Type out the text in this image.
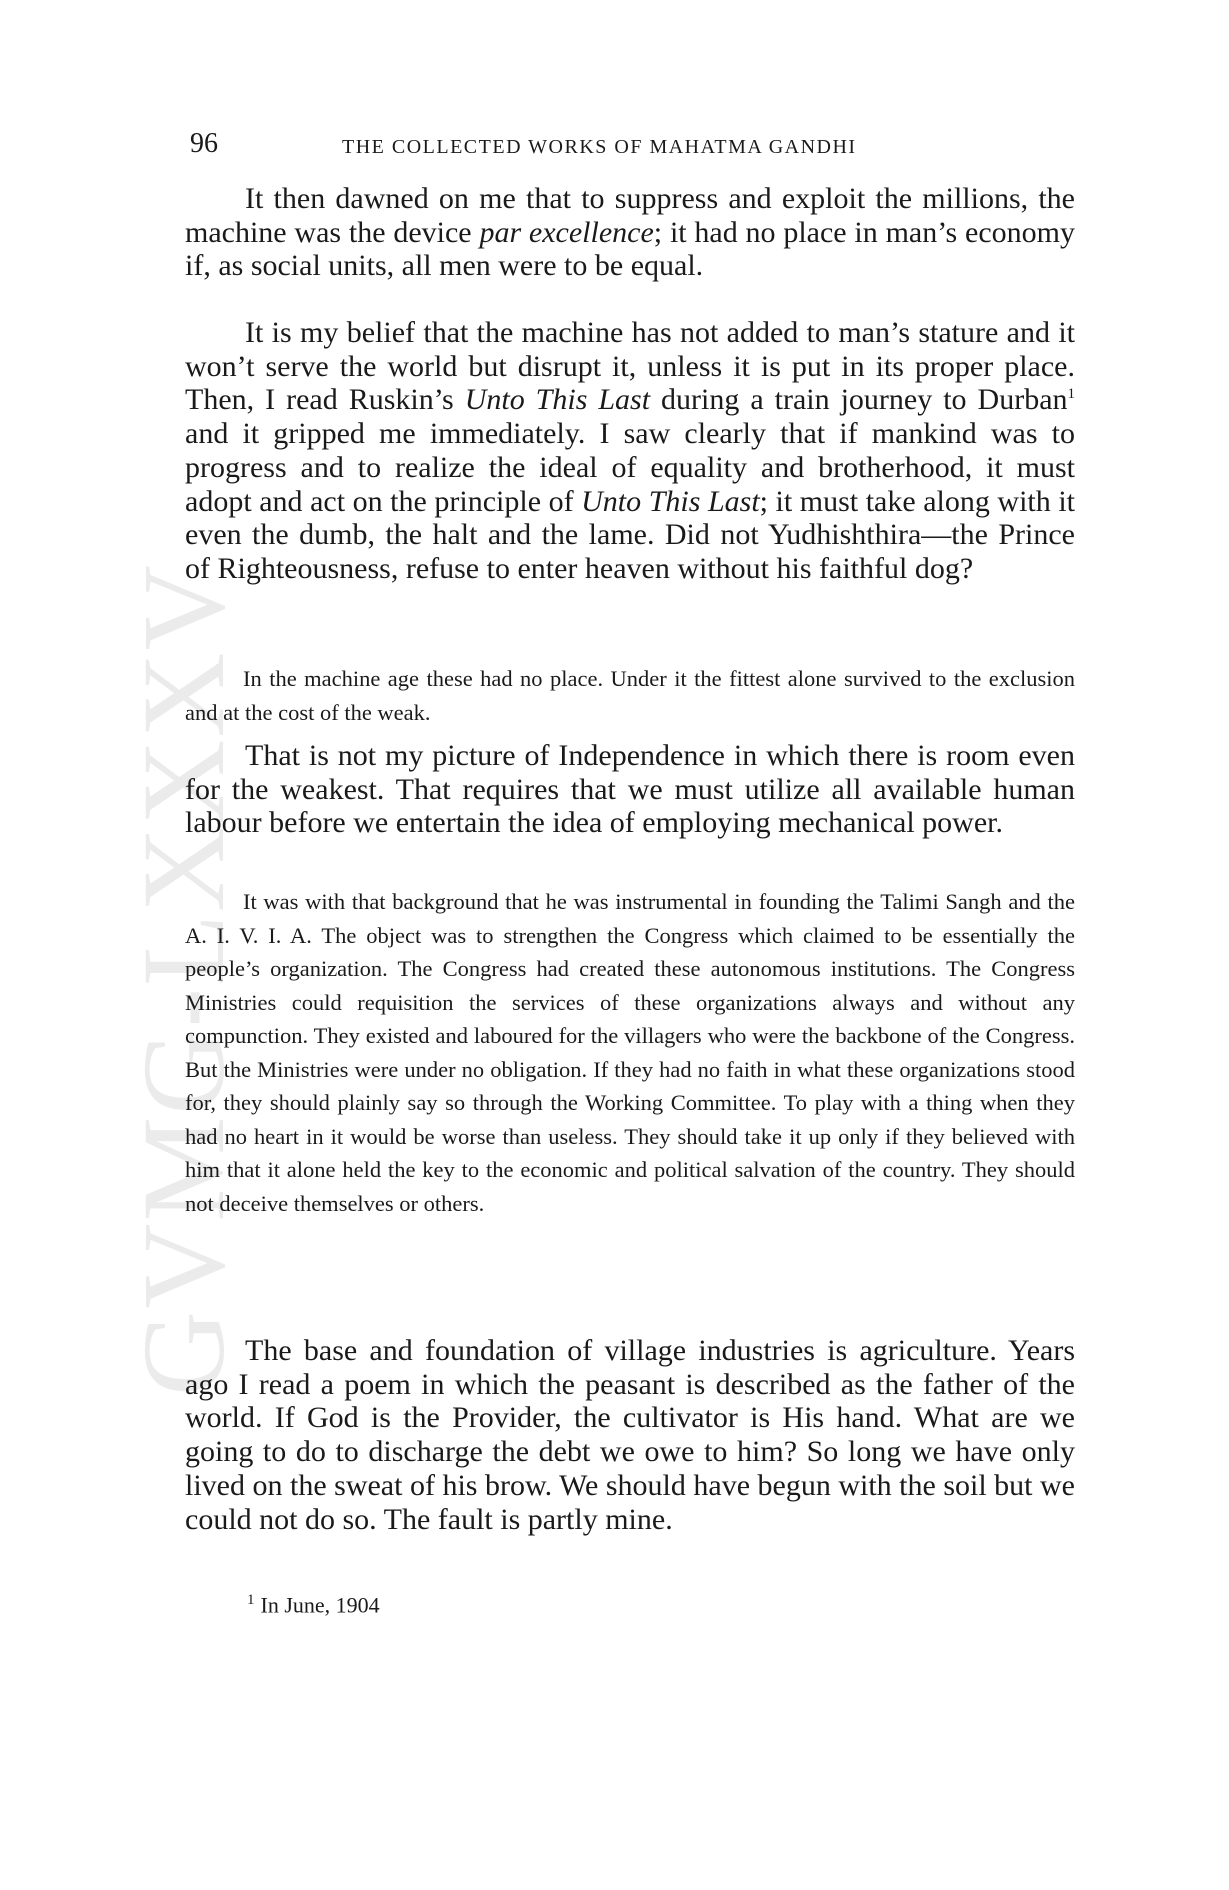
GVMG-LXXXV
96	THE COLLECTED WORKS OF MAHATMA GANDHI

It then dawned on me that to suppress and exploit the millions, the machine was the device par excellence; it had no place in man’s economy if, as social units, all men were to be equal.

It is my belief that the machine has not added to man’s stature and it won’t serve the world but disrupt it, unless it is put in its proper place. Then, I read Ruskin’s Unto This Last during a train journey to Durban$^1$ and it gripped me immediately. I saw clearly that if mankind was to progress and to realize the ideal of equality and brotherhood, it must adopt and act on the principle of Unto This Last; it must take along with it even the dumb, the halt and the lame. Did not Yudhishthira—the Prince of Righteousness, refuse to enter heaven without his faithful dog?

In the machine age these had no place. Under it the fittest alone survived to the exclusion and at the cost of the weak.

That is not my picture of Independence in which there is room even for the weakest. That requires that we must utilize all available human labour before we entertain the idea of employing mechanical power.

It was with that background that he was instrumental in founding the Talimi Sangh and the A. I. V. I. A. The object was to strengthen the Congress which claimed to be essentially the people’s organization. The Congress had created these autonomous institutions. The Congress Ministries could requisition the services of these organizations always and without any compunction. They existed and laboured for the villagers who were the backbone of the Congress. But the Ministries were under no obligation. If they had no faith in what these organizations stood for, they should plainly say so through the Working Committee. To play with a thing when they had no heart in it would be worse than useless. They should take it up only if they believed with him that it alone held the key to the economic and political salvation of the country. They should not deceive themselves or others.

The base and foundation of village industries is agriculture. Years ago I read a poem in which the peasant is described as the father of the world. If God is the Provider, the cultivator is His hand. What are we going to do to discharge the debt we owe to him? So long we have only lived on the sweat of his brow. We should have begun with the soil but we could not do so. The fault is partly mine.

$^1$ In June, 1904
